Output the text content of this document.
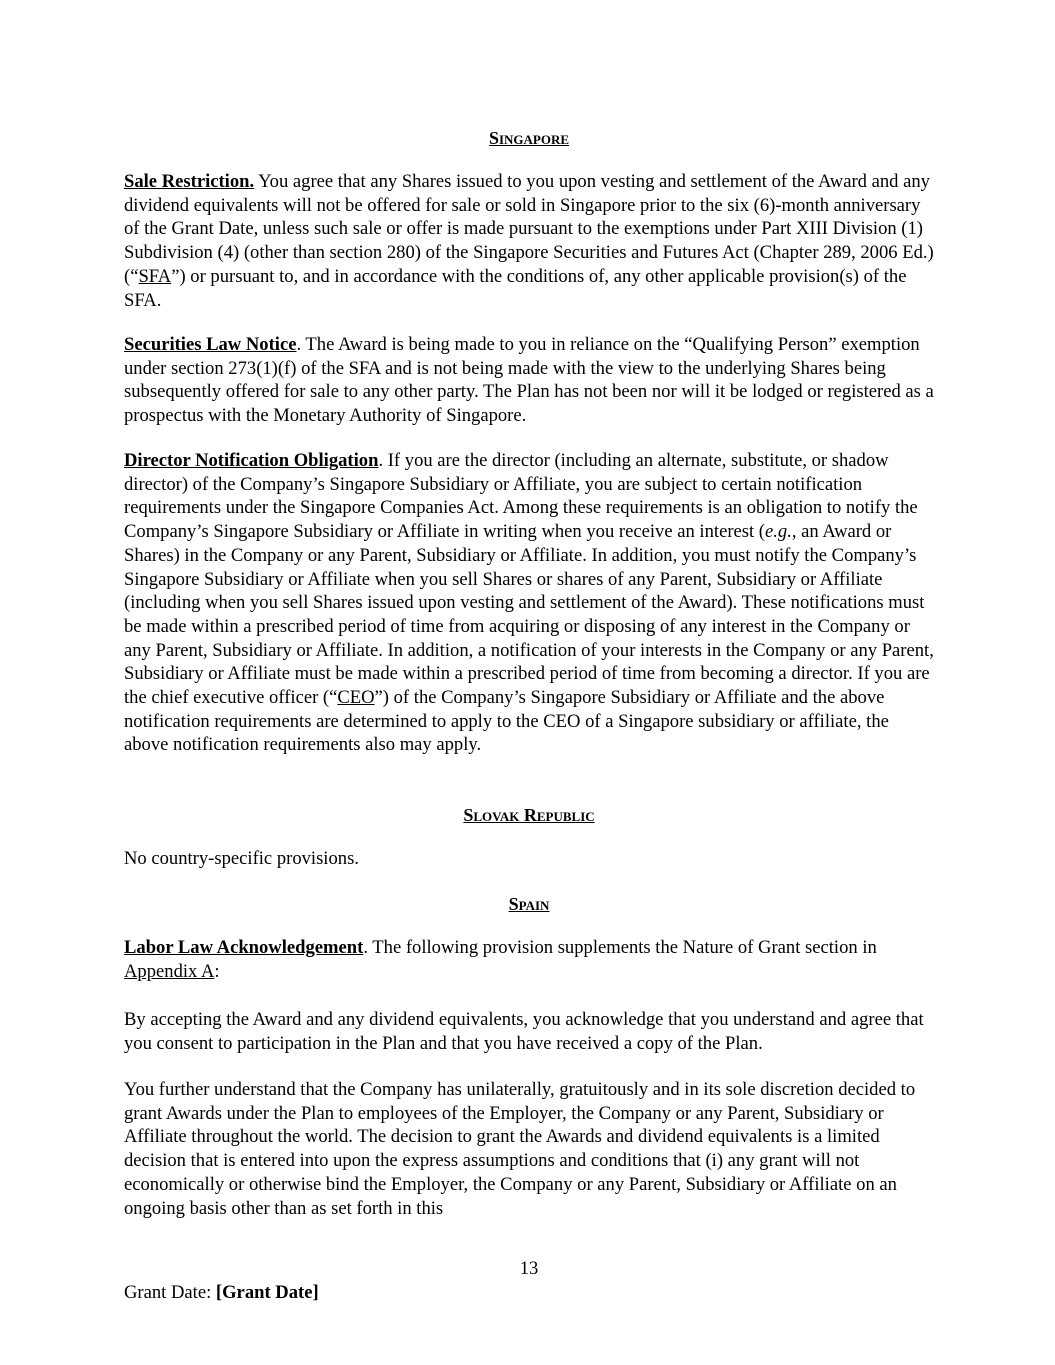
Singapore

Sale Restriction. You agree that any Shares issued to you upon vesting and settlement of the Award and any dividend equivalents will not be offered for sale or sold in Singapore prior to the six (6)-month anniversary of the Grant Date, unless such sale or offer is made pursuant to the exemptions under Part XIII Division (1) Subdivision (4) (other than section 280) of the Singapore Securities and Futures Act (Chapter 289, 2006 Ed.) (“SFA”) or pursuant to, and in accordance with the conditions of, any other applicable provision(s) of the SFA.

Securities Law Notice. The Award is being made to you in reliance on the “Qualifying Person” exemption under section 273(1)(f) of the SFA and is not being made with the view to the underlying Shares being subsequently offered for sale to any other party. The Plan has not been nor will it be lodged or registered as a prospectus with the Monetary Authority of Singapore.

Director Notification Obligation. If you are the director (including an alternate, substitute, or shadow director) of the Company’s Singapore Subsidiary or Affiliate, you are subject to certain notification requirements under the Singapore Companies Act. Among these requirements is an obligation to notify the Company’s Singapore Subsidiary or Affiliate in writing when you receive an interest (e.g., an Award or Shares) in the Company or any Parent, Subsidiary or Affiliate. In addition, you must notify the Company’s Singapore Subsidiary or Affiliate when you sell Shares or shares of any Parent, Subsidiary or Affiliate (including when you sell Shares issued upon vesting and settlement of the Award). These notifications must be made within a prescribed period of time from acquiring or disposing of any interest in the Company or any Parent, Subsidiary or Affiliate. In addition, a notification of your interests in the Company or any Parent, Subsidiary or Affiliate must be made within a prescribed period of time from becoming a director. If you are the chief executive officer (“CEO”) of the Company’s Singapore Subsidiary or Affiliate and the above notification requirements are determined to apply to the CEO of a Singapore subsidiary or affiliate, the above notification requirements also may apply.

Slovak Republic

No country-specific provisions.

Spain

Labor Law Acknowledgement. The following provision supplements the Nature of Grant section in Appendix A:

By accepting the Award and any dividend equivalents, you acknowledge that you understand and agree that you consent to participation in the Plan and that you have received a copy of the Plan.

You further understand that the Company has unilaterally, gratuitously and in its sole discretion decided to grant Awards under the Plan to employees of the Employer, the Company or any Parent, Subsidiary or Affiliate throughout the world. The decision to grant the Awards and dividend equivalents is a limited decision that is entered into upon the express assumptions and conditions that (i) any grant will not economically or otherwise bind the Employer, the Company or any Parent, Subsidiary or Affiliate on an ongoing basis other than as set forth in this

13
Grant Date: [Grant Date]
